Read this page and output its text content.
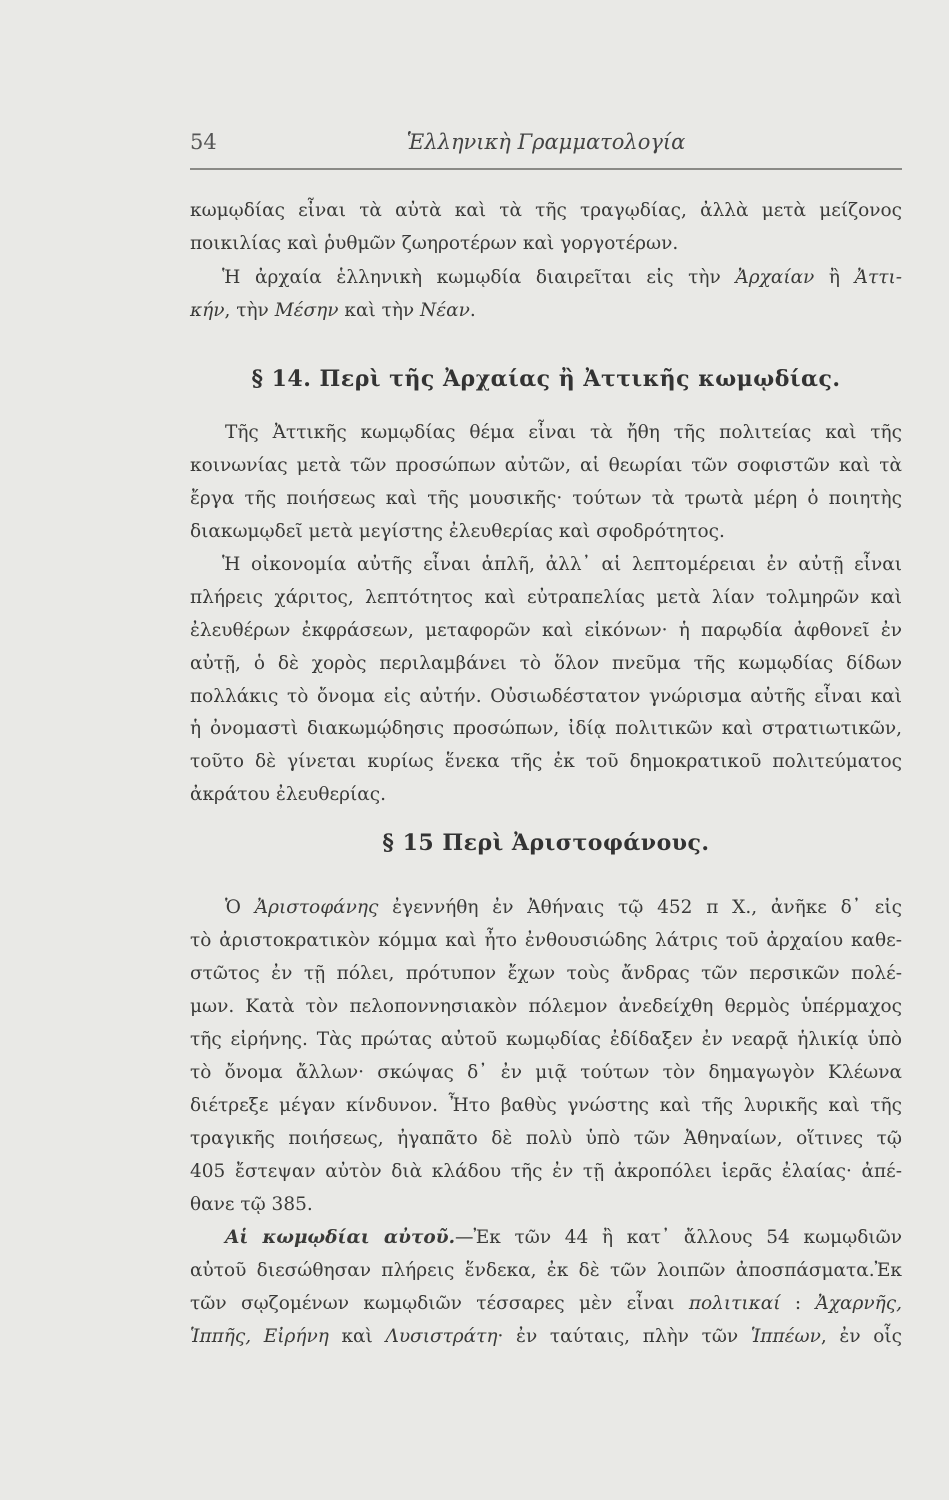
54	Ἑλληνικὴ Γραμματολογία
κωμῳδίας εἶναι τὰ αὐτὰ καὶ τὰ τῆς τραγῳδίας, ἀλλὰ μετὰ μείζονος
ποικιλίας καὶ ῥυθμῶν ζωηροτέρων καὶ γοργοτέρων.
Ἡ ἀρχαία ἑλληνικὴ κωμῳδία διαιρεῖται εἰς τὴν Ἀρχαίαν ἢ Ἀττι-
κήν, τὴν Μέσην καὶ τὴν Νέαν.
§ 14. Περὶ τῆς Ἀρχαίας ἢ Ἀττικῆς κωμῳδίας.
Τῆς Ἀττικῆς κωμῳδίας θέμα εἶναι τὰ ἤθη τῆς πολιτείας καὶ τῆς
κοινωνίας μετὰ τῶν προσώπων αὐτῶν, αἱ θεωρίαι τῶν σοφιστῶν καὶ τὰ
ἔργα τῆς ποιήσεως καὶ τῆς μουσικῆς· τούτων τὰ τρωτὰ μέρη ὁ ποιητὴς
διακωμῳδεῖ μετὰ μεγίστης ἐλευθερίας καὶ σφοδρότητος.
Ἡ οἰκονομία αὐτῆς εἶναι ἁπλῆ, ἀλλ᾽ αἱ λεπτομέρειαι ἐν αὐτῇ εἶναι
πλήρεις χάριτος, λεπτότητος καὶ εὐτραπελίας μετὰ λίαν τολμηρῶν καὶ
ἐλευθέρων ἐκφράσεων, μεταφορῶν καὶ εἰκόνων· ἡ παρῳδία ἀφθονεῖ ἐν
αὐτῇ, ὁ δὲ χορὸς περιλαμβάνει τὸ ὅλον πνεῦμα τῆς κωμῳδίας δίδων
πολλάκις τὸ ὄνομα εἰς αὐτήν. Οὐσιωδέστατον γνώρισμα αὐτῆς εἶναι καὶ
ἡ ὀνομαστὶ διακωμῴδησις προσώπων, ἰδίᾳ πολιτικῶν καὶ στρατιωτικῶν,
τοῦτο δὲ γίνεται κυρίως ἕνεκα τῆς ἐκ τοῦ δημοκρατικοῦ πολιτεύματος
ἀκράτου ἐλευθερίας.
§ 15 Περὶ Ἀριστοφάνους.
Ὁ Ἀριστοφάνης ἐγεννήθη ἐν Ἀθήναις τῷ 452 π Χ., ἀνῆκε δ᾽ εἰς
τὸ ἀριστοκρατικὸν κόμμα καὶ ἦτο ἐνθουσιώδης λάτρις τοῦ ἀρχαίου καθε-
στῶτος ἐν τῇ πόλει, πρότυπον ἔχων τοὺς ἄνδρας τῶν περσικῶν πολέ-
μων. Κατὰ τὸν πελοποννησιακὸν πόλεμον ἀνεδείχθη θερμὸς ὑπέρμαχος
τῆς εἰρήνης. Τὰς πρώτας αὐτοῦ κωμῳδίας ἐδίδαξεν ἐν νεαρᾷ ἡλικίᾳ ὑπὸ
τὸ ὄνομα ἄλλων· σκώψας δ᾽ ἐν μιᾷ τούτων τὸν δημαγωγὸν Κλέωνα
διέτρεξε μέγαν κίνδυνον. Ἦτο βαθὺς γνώστης καὶ τῆς λυρικῆς καὶ τῆς
τραγικῆς ποιήσεως, ἠγαπᾶτο δὲ πολὺ ὑπὸ τῶν Ἀθηναίων, οἵτινες τῷ
405 ἔστεψαν αὐτὸν διὰ κλάδου τῆς ἐν τῇ ἀκροπόλει ἱερᾶς ἐλαίας· ἀπέ-
θανε τῷ 385.
Αἱ κωμῳδίαι αὐτοῦ.—Ἐκ τῶν 44 ἢ κατ᾽ ἄλλους 54 κωμῳδιῶν
αὐτοῦ διεσώθησαν πλήρεις ἕνδεκα, ἐκ δὲ τῶν λοιπῶν ἀποσπάσματα.Ἐκ
τῶν σῳζομένων κωμῳδιῶν τέσσαρες μὲν εἶναι πολιτικαί : Ἀχαρνῆς,
Ἱππῆς, Εἰρήνη καὶ Λυσιστράτη· ἐν ταύταις, πλὴν τῶν Ἱππέων, ἐν οἷς
